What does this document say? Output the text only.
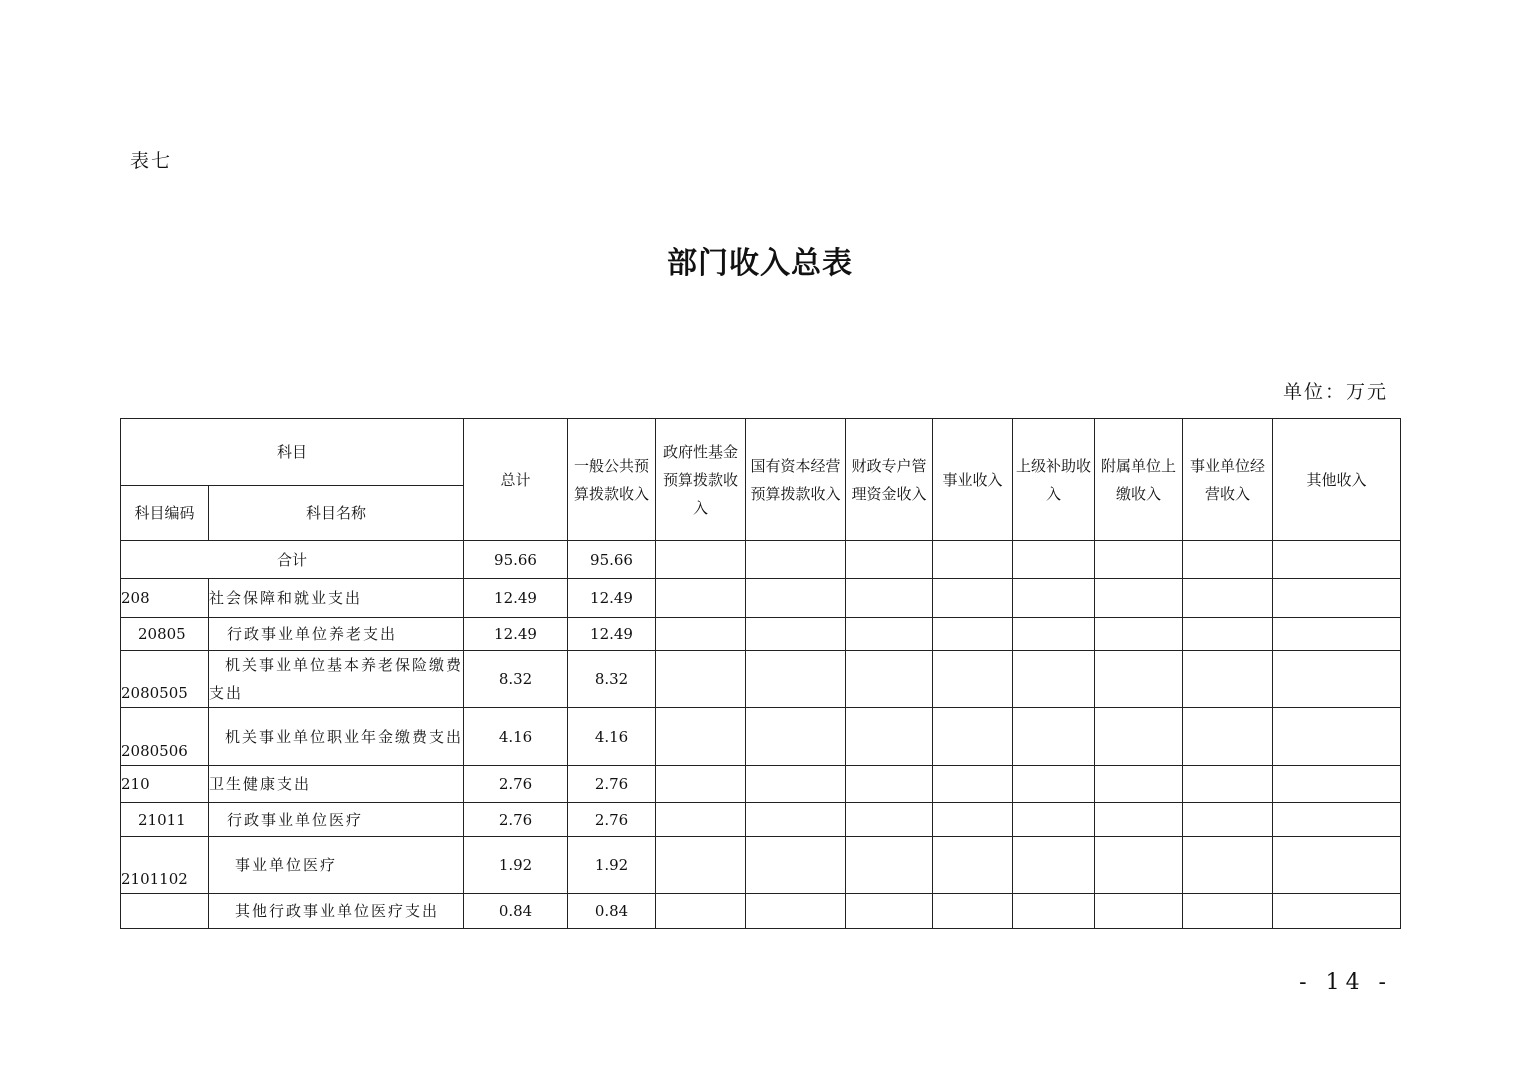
表七
部门收入总表
单位：万元
科目		总计	一般公共预算拨款收入	政府性基金预算拨款收入	国有资本经营预算拨款收入	财政专户管理资金收入	事业收入	上级补助收入	附属单位上缴收入	事业单位经营收入	其他收入
科目编码	科目名称										
合计		95.66	95.66								
208	社会保障和就业支出	12.49	12.49								
20805	行政事业单位养老支出	12.49	12.49								
2080505	机关事业单位基本养老保险缴费支出	8.32	8.32								
2080506	机关事业单位职业年金缴费支出	4.16	4.16								
210	卫生健康支出	2.76	2.76								
21011	行政事业单位医疗	2.76	2.76								
2101102	事业单位医疗	1.92	1.92								
	其他行政事业单位医疗支出	0.84	0.84								
- 14 -
